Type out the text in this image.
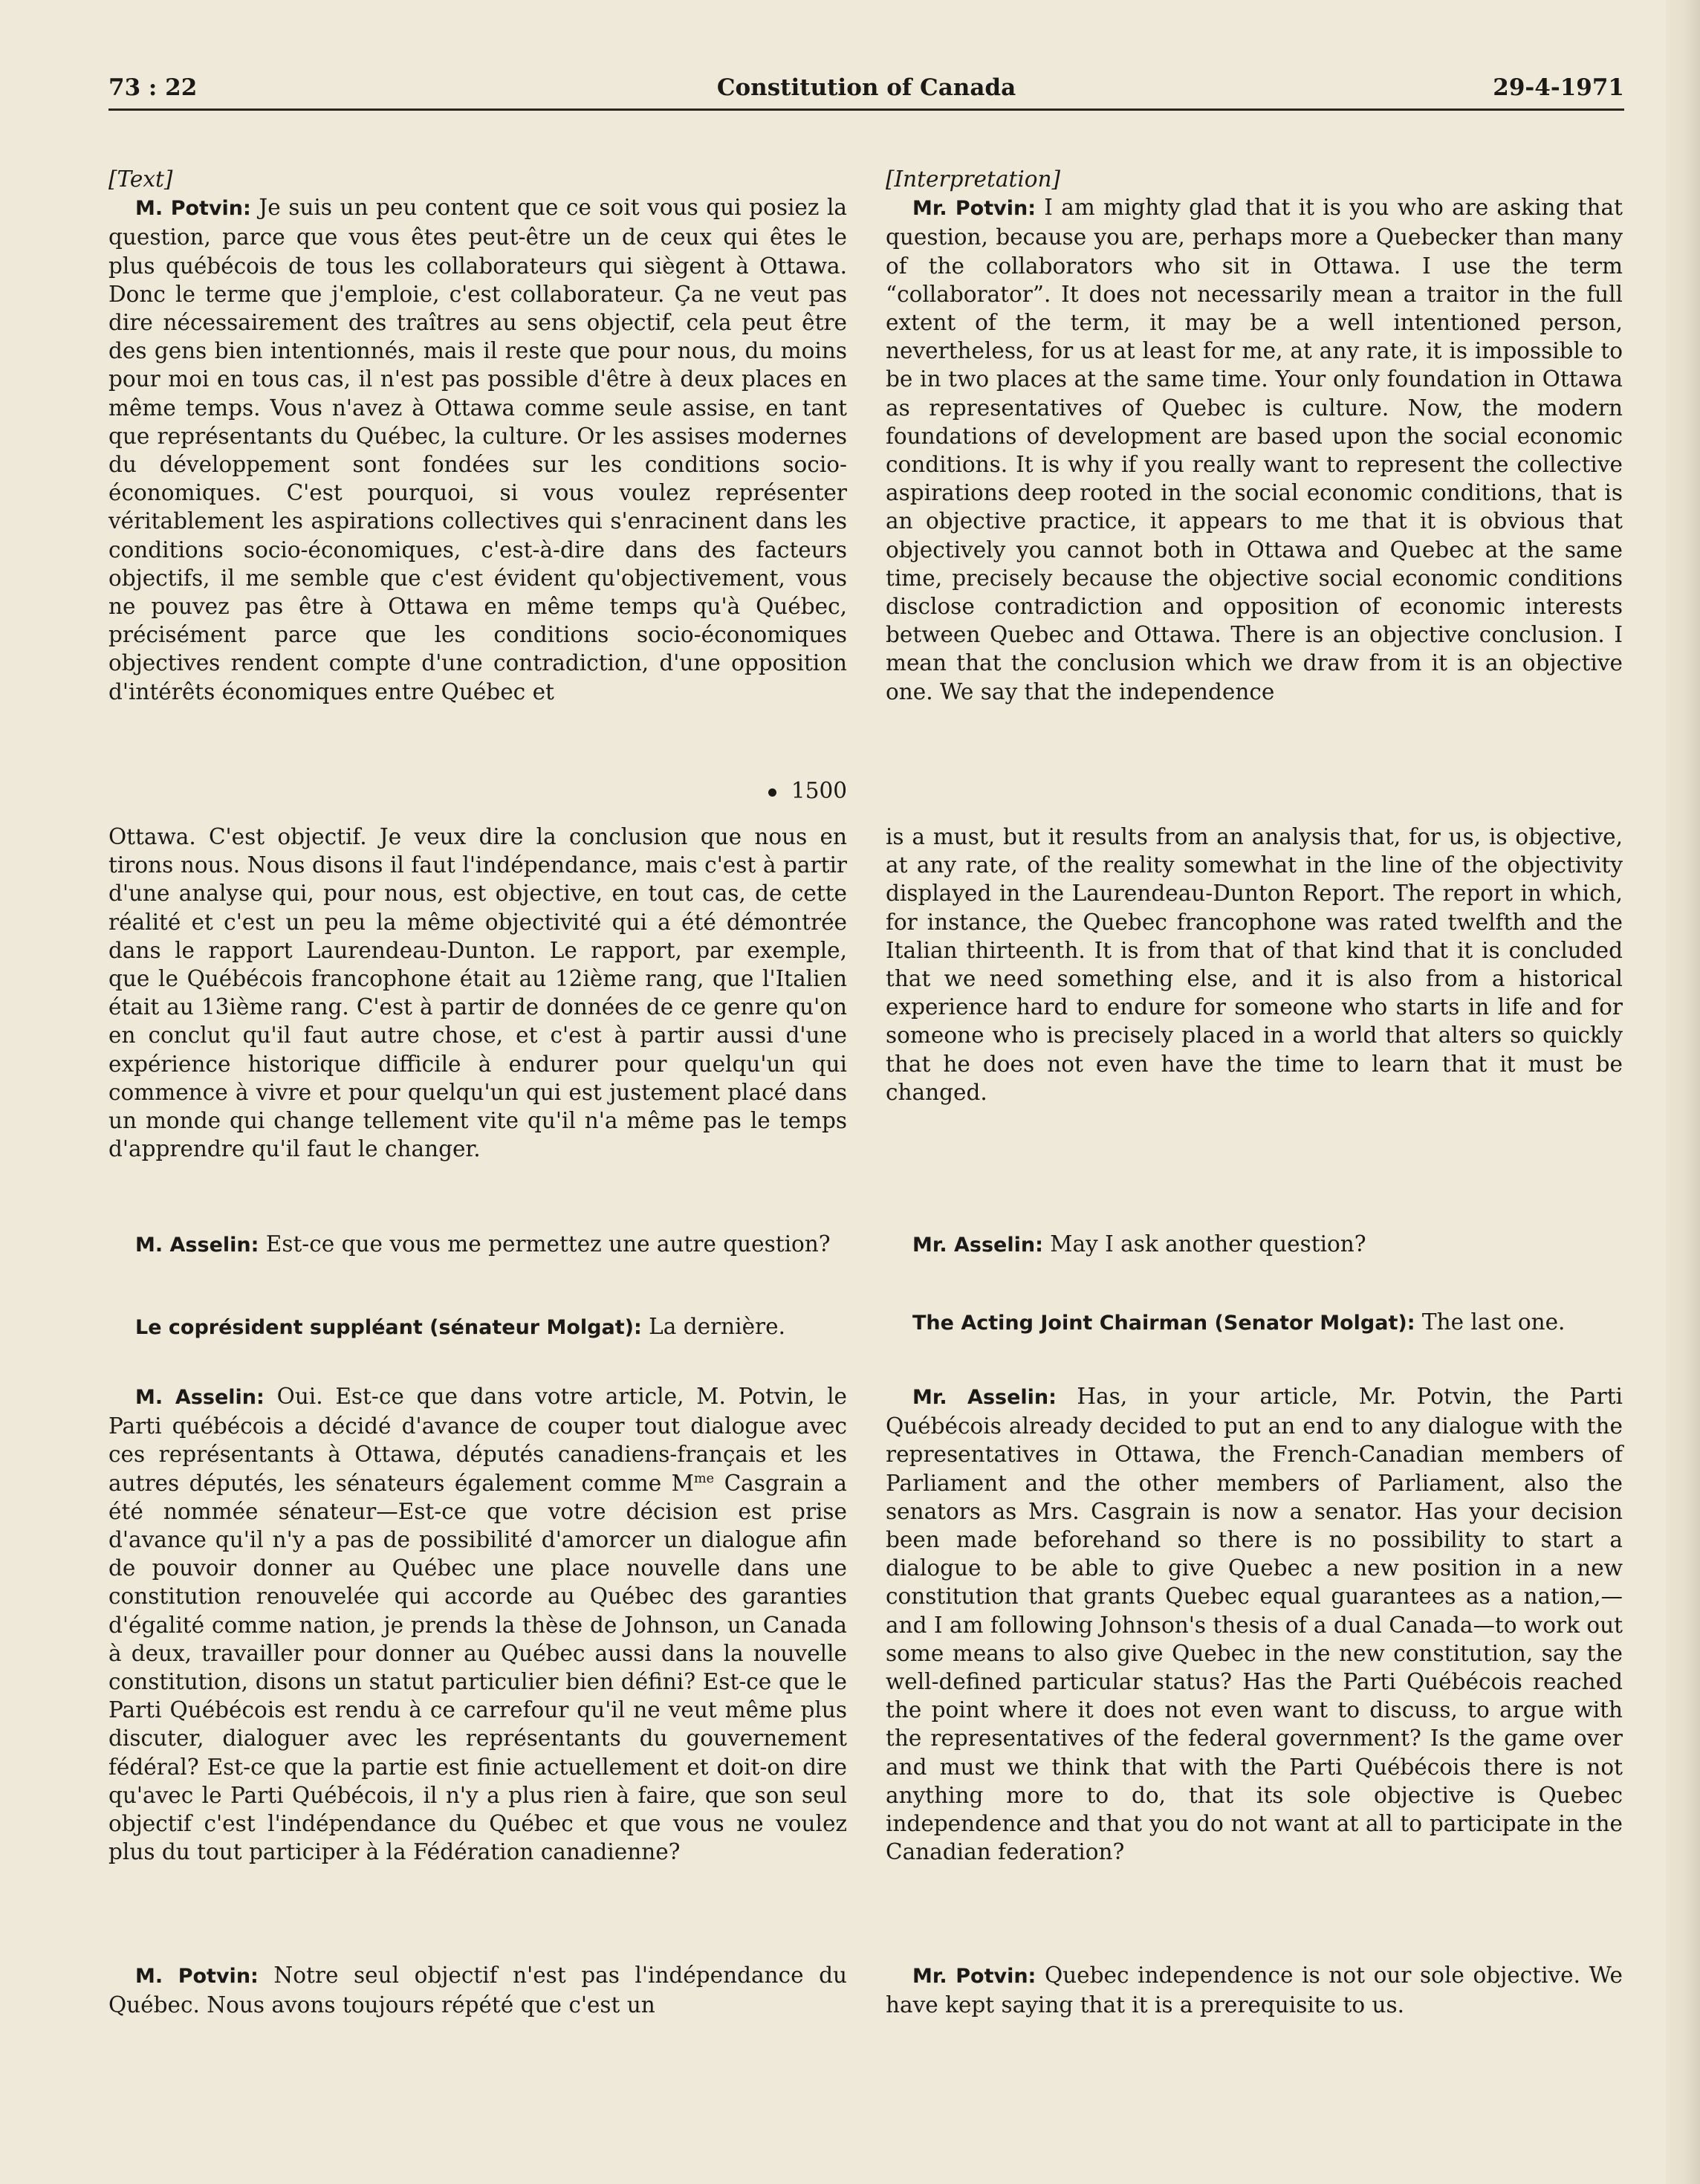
73 : 22	Constitution of Canada	29-4-1971

[Text]

M. Potvin: Je suis un peu content que ce soit vous qui posiez la question, parce que vous êtes peut-être un de ceux qui êtes le plus québécois de tous les collaborateurs qui siègent à Ottawa. Donc le terme que j'emploie, c'est collaborateur. Ça ne veut pas dire nécessairement des traîtres au sens objectif, cela peut être des gens bien intentionnés, mais il reste que pour nous, du moins pour moi en tous cas, il n'est pas possible d'être à deux places en même temps. Vous n'avez à Ottawa comme seule assise, en tant que représentants du Québec, la culture. Or les assises modernes du développement sont fondées sur les conditions socio-économiques. C'est pourquoi, si vous voulez représenter véritablement les aspirations collectives qui s'enracinent dans les conditions socio-économiques, c'est-à-dire dans des facteurs objectifs, il me semble que c'est évident qu'objectivement, vous ne pouvez pas être à Ottawa en même temps qu'à Québec, précisément parce que les conditions socio-économiques objectives rendent compte d'une contradiction, d'une opposition d'intérêts économiques entre Québec et

1500

[Interpretation]

Mr. Potvin: I am mighty glad that it is you who are asking that question, because you are, perhaps more a Quebecker than many of the collaborators who sit in Ottawa. I use the term “collaborator”. It does not necessarily mean a traitor in the full extent of the term, it may be a well intentioned person, nevertheless, for us at least for me, at any rate, it is impossible to be in two places at the same time. Your only foundation in Ottawa as representatives of Quebec is culture. Now, the modern foundations of development are based upon the social economic conditions. It is why if you really want to represent the collective aspirations deep rooted in the social economic conditions, that is an objective practice, it appears to me that it is obvious that objectively you cannot both in Ottawa and Quebec at the same time, precisely because the objective social economic conditions disclose contradiction and opposition of economic interests between Quebec and Ottawa. There is an objective conclusion. I mean that the conclusion which we draw from it is an objective one. We say that the independence

Ottawa. C'est objectif. Je veux dire la conclusion que nous en tirons nous. Nous disons il faut l'indépendance, mais c'est à partir d'une analyse qui, pour nous, est objective, en tout cas, de cette réalité et c'est un peu la même objectivité qui a été démontrée dans le rapport Laurendeau-Dunton. Le rapport, par exemple, que le Québécois francophone était au 12ième rang, que l'Italien était au 13ième rang. C'est à partir de données de ce genre qu'on en conclut qu'il faut autre chose, et c'est à partir aussi d'une expérience historique difficile à endurer pour quelqu'un qui commence à vivre et pour quelqu'un qui est justement placé dans un monde qui change tellement vite qu'il n'a même pas le temps d'apprendre qu'il faut le changer.

is a must, but it results from an analysis that, for us, is objective, at any rate, of the reality somewhat in the line of the objectivity displayed in the Laurendeau-Dunton Report. The report in which, for instance, the Quebec francophone was rated twelfth and the Italian thirteenth. It is from that of that kind that it is concluded that we need something else, and it is also from a historical experience hard to endure for someone who starts in life and for someone who is precisely placed in a world that alters so quickly that he does not even have the time to learn that it must be changed.

M. Asselin: Est-ce que vous me permettez une autre question?

Le coprésident suppléant (sénateur Molgat): La dernière.

M. Asselin: Oui. Est-ce que dans votre article, M. Potvin, le Parti québécois a décidé d'avance de couper tout dialogue avec ces représentants à Ottawa, députés canadiens-français et les autres députés, les sénateurs également comme $M^{me}$ Casgrain a été nommée sénateur—Est-ce que votre décision est prise d'avance qu'il n'y a pas de possibilité d'amorcer un dialogue afin de pouvoir donner au Québec une place nouvelle dans une constitution renouvelée qui accorde au Québec des garanties d'égalité comme nation, je prends la thèse de Johnson, un Canada à deux, travailler pour donner au Québec aussi dans la nouvelle constitution, disons un statut particulier bien défini? Est-ce que le Parti Québécois est rendu à ce carrefour qu'il ne veut même plus discuter, dialoguer avec les représentants du gouvernement fédéral? Est-ce que la partie est finie actuellement et doit-on dire qu'avec le Parti Québécois, il n'y a plus rien à faire, que son seul objectif c'est l'indépendance du Québec et que vous ne voulez plus du tout participer à la Fédération canadienne?

M. Potvin: Notre seul objectif n'est pas l'indépendance du Québec. Nous avons toujours répété que c'est un

Mr. Asselin: May I ask another question?

The Acting Joint Chairman (Senator Molgat): The last one.

Mr. Asselin: Has, in your article, Mr. Potvin, the Parti Québécois already decided to put an end to any dialogue with the representatives in Ottawa, the French-Canadian members of Parliament and the other members of Parliament, also the senators as Mrs. Casgrain is now a senator. Has your decision been made beforehand so there is no possibility to start a dialogue to be able to give Quebec a new position in a new constitution that grants Quebec equal guarantees as a nation,—and I am following Johnson's thesis of a dual Canada—to work out some means to also give Quebec in the new constitution, say the well-defined particular status? Has the Parti Québécois reached the point where it does not even want to discuss, to argue with the representatives of the federal government? Is the game over and must we think that with the Parti Québécois there is not anything more to do, that its sole objective is Quebec independence and that you do not want at all to participate in the Canadian federation?

Mr. Potvin: Quebec independence is not our sole objective. We have kept saying that it is a prerequisite to us.
